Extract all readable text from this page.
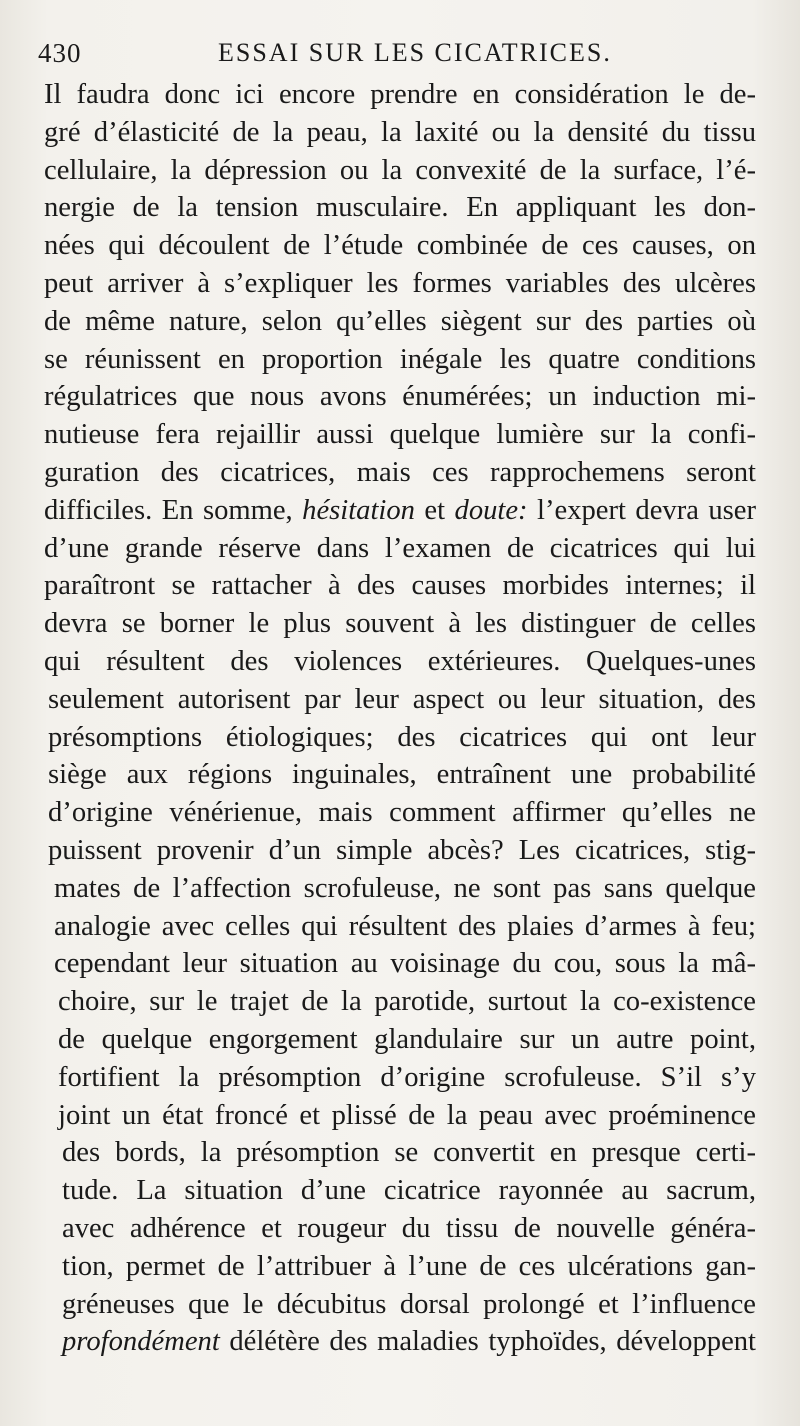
430	ESSAI SUR LES CICATRICES.
Il faudra donc ici encore prendre en considération le de-
gré d’élasticité de la peau, la laxité ou la densité du tissu
cellulaire, la dépression ou la convexité de la surface, l’é-
nergie de la tension musculaire. En appliquant les don-
nées qui découlent de l’étude combinée de ces causes, on
peut arriver à s’expliquer les formes variables des ulcères
de même nature, selon qu’elles siègent sur des parties où
se réunissent en proportion inégale les quatre conditions
régulatrices que nous avons énumérées; un induction mi-
nutieuse fera rejaillir aussi quelque lumière sur la confi-
guration des cicatrices, mais ces rapprochemens seront
difficiles. En somme, hésitation et doute: l’expert devra user
d’une grande réserve dans l’examen de cicatrices qui lui
paraîtront se rattacher à des causes morbides internes; il
devra se borner le plus souvent à les distinguer de celles
qui résultent des violences extérieures. Quelques-unes
seulement autorisent par leur aspect ou leur situation, des
présomptions étiologiques; des cicatrices qui ont leur
siège aux régions inguinales, entraînent une probabilité
d’origine vénérienue, mais comment affirmer qu’elles ne
puissent provenir d’un simple abcès? Les cicatrices, stig-
mates de l’affection scrofuleuse, ne sont pas sans quelque
analogie avec celles qui résultent des plaies d’armes à feu;
cependant leur situation au voisinage du cou, sous la mâ-
choire, sur le trajet de la parotide, surtout la co-existence
de quelque engorgement glandulaire sur un autre point,
fortifient la présomption d’origine scrofuleuse. S’il s’y
joint un état froncé et plissé de la peau avec proéminence
des bords, la présomption se convertit en presque certi-
tude. La situation d’une cicatrice rayonnée au sacrum,
avec adhérence et rougeur du tissu de nouvelle généra-
tion, permet de l’attribuer à l’une de ces ulcérations gan-
gréneuses que le décubitus dorsal prolongé et l’influence
profondément délétère des maladies typhoïdes, développent
